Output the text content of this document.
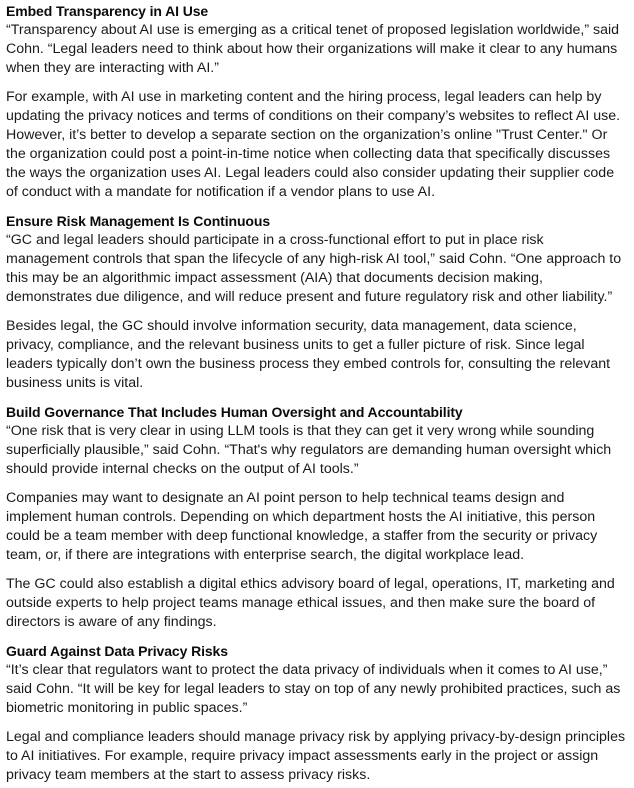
Embed Transparency in AI Use

“Transparency about AI use is emerging as a critical tenet of proposed legislation worldwide,” said Cohn. “Legal leaders need to think about how their organizations will make it clear to any humans when they are interacting with AI.”

For example, with AI use in marketing content and the hiring process, legal leaders can help by updating the privacy notices and terms of conditions on their company’s websites to reflect AI use. However, it’s better to develop a separate section on the organization’s online "Trust Center." Or the organization could post a point-in-time notice when collecting data that specifically discusses the ways the organization uses AI. Legal leaders could also consider updating their supplier code of conduct with a mandate for notification if a vendor plans to use AI.

Ensure Risk Management Is Continuous

“GC and legal leaders should participate in a cross-functional effort to put in place risk management controls that span the lifecycle of any high-risk AI tool,” said Cohn. “One approach to this may be an algorithmic impact assessment (AIA) that documents decision making, demonstrates due diligence, and will reduce present and future regulatory risk and other liability.”

Besides legal, the GC should involve information security, data management, data science, privacy, compliance, and the relevant business units to get a fuller picture of risk. Since legal leaders typically don’t own the business process they embed controls for, consulting the relevant business units is vital.

Build Governance That Includes Human Oversight and Accountability

“One risk that is very clear in using LLM tools is that they can get it very wrong while sounding superficially plausible,” said Cohn. “That's why regulators are demanding human oversight which should provide internal checks on the output of AI tools.”

Companies may want to designate an AI point person to help technical teams design and implement human controls. Depending on which department hosts the AI initiative, this person could be a team member with deep functional knowledge, a staffer from the security or privacy team, or, if there are integrations with enterprise search, the digital workplace lead.

The GC could also establish a digital ethics advisory board of legal, operations, IT, marketing and outside experts to help project teams manage ethical issues, and then make sure the board of directors is aware of any findings.

Guard Against Data Privacy Risks

“It’s clear that regulators want to protect the data privacy of individuals when it comes to AI use,” said Cohn. “It will be key for legal leaders to stay on top of any newly prohibited practices, such as biometric monitoring in public spaces.”

Legal and compliance leaders should manage privacy risk by applying privacy-by-design principles to AI initiatives. For example, require privacy impact assessments early in the project or assign privacy team members at the start to assess privacy risks.
